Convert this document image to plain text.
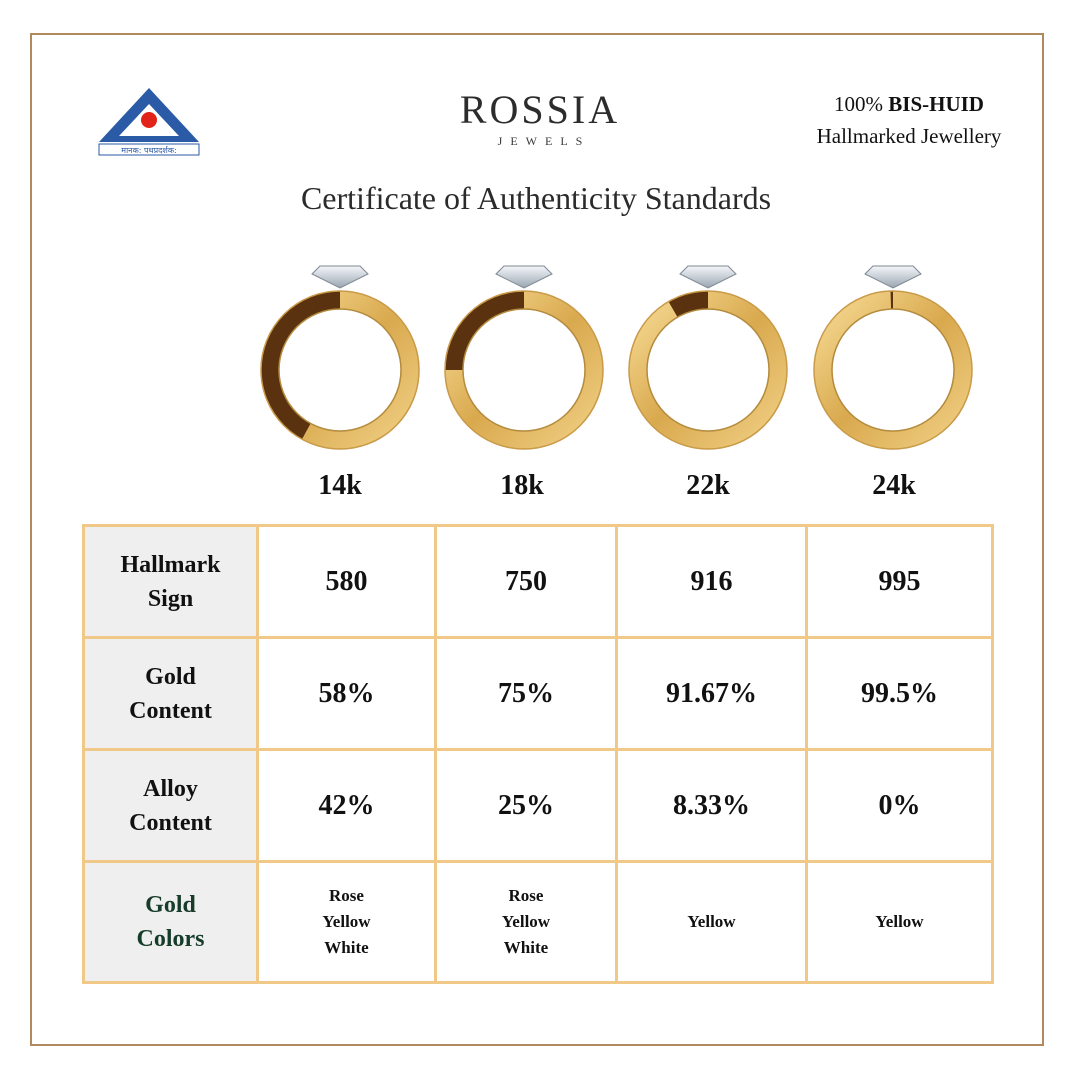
मानक: पथप्रदर्शक:
ROSSIA
JEWELS
100% BIS-HUID
Hallmarked Jewellery
Certificate of Authenticity Standards
14k	18k	22k	24k
Hallmark
Sign	580	750	916	995
Gold
Content	58%	75%	91.67%	99.5%
Alloy
Content	42%	25%	8.33%	0%
Gold
Colors	Rose
Yellow
White	Rose
Yellow
White	Yellow	Yellow
